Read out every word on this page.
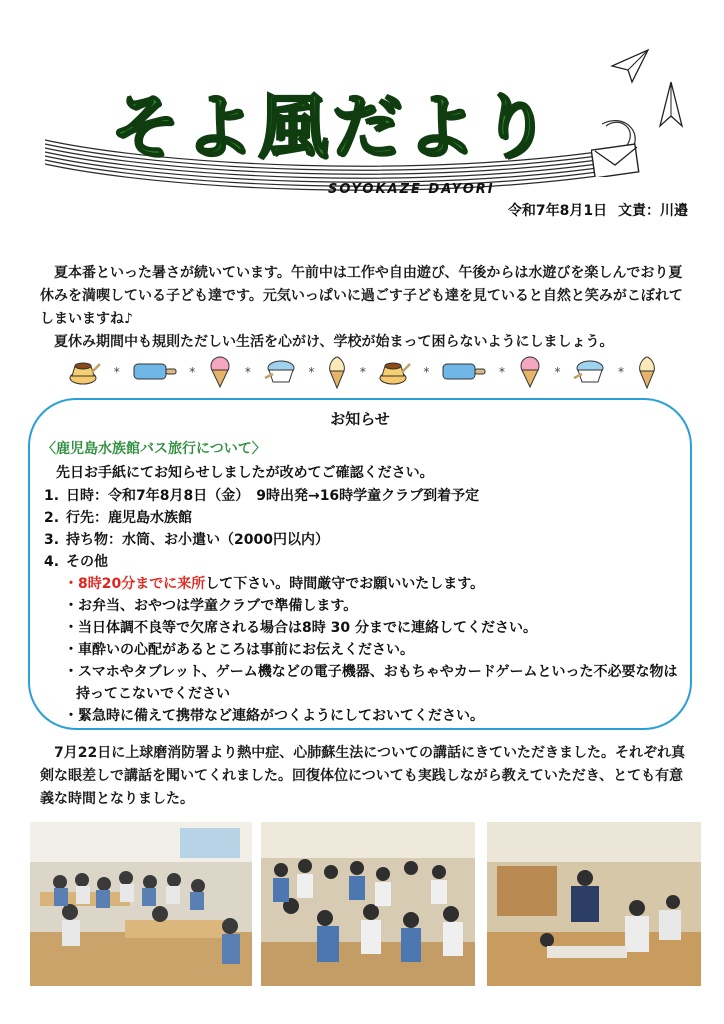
そよ風だより

SOYOKAZE DAYORI

令和7年8月1日 文責：川邉

夏本番といった暑さが続いています。午前中は工作や自由遊び、午後からは水遊びを楽しんでおり夏休みを満喫している子ども達です。元気いっぱいに過ごす子ども達を見ていると自然と笑みがこぼれてしまいますね♪

夏休み期間中も規則ただしい生活を心がけ、学校が始まって困らないようにしましょう。

*	*	*	*	*	*	*	*	*
お知らせ
〈鹿児島水族館バス旅行について〉
先日お手紙にてお知らせしましたが改めてご確認ください。
1. 日時：令和7年8月8日（金）　9時出発→16時学童クラブ到着予定
2. 行先：鹿児島水族館
3. 持ち物：水筒、お小遣い（2000円以内）
4. その他
・8時20分までに来所して下さい。時間厳守でお願いいたします。
・お弁当、おやつは学童クラブで準備します。
・当日体調不良等で欠席される場合は8時 30 分までに連絡してください。
・車酔いの心配があるところは事前にお伝えください。
・スマホやタブレット、ゲーム機などの電子機器、おもちゃやカードゲームといった不必要な物は持ってこないでください
・緊急時に備えて携帯など連絡がつくようにしておいてください。

7月22日に上球磨消防署より熱中症、心肺蘇生法についての講話にきていただきました。それぞれ真剣な眼差しで講話を聞いてくれました。回復体位についても実践しながら教えていただき、とても有意義な時間となりました。
